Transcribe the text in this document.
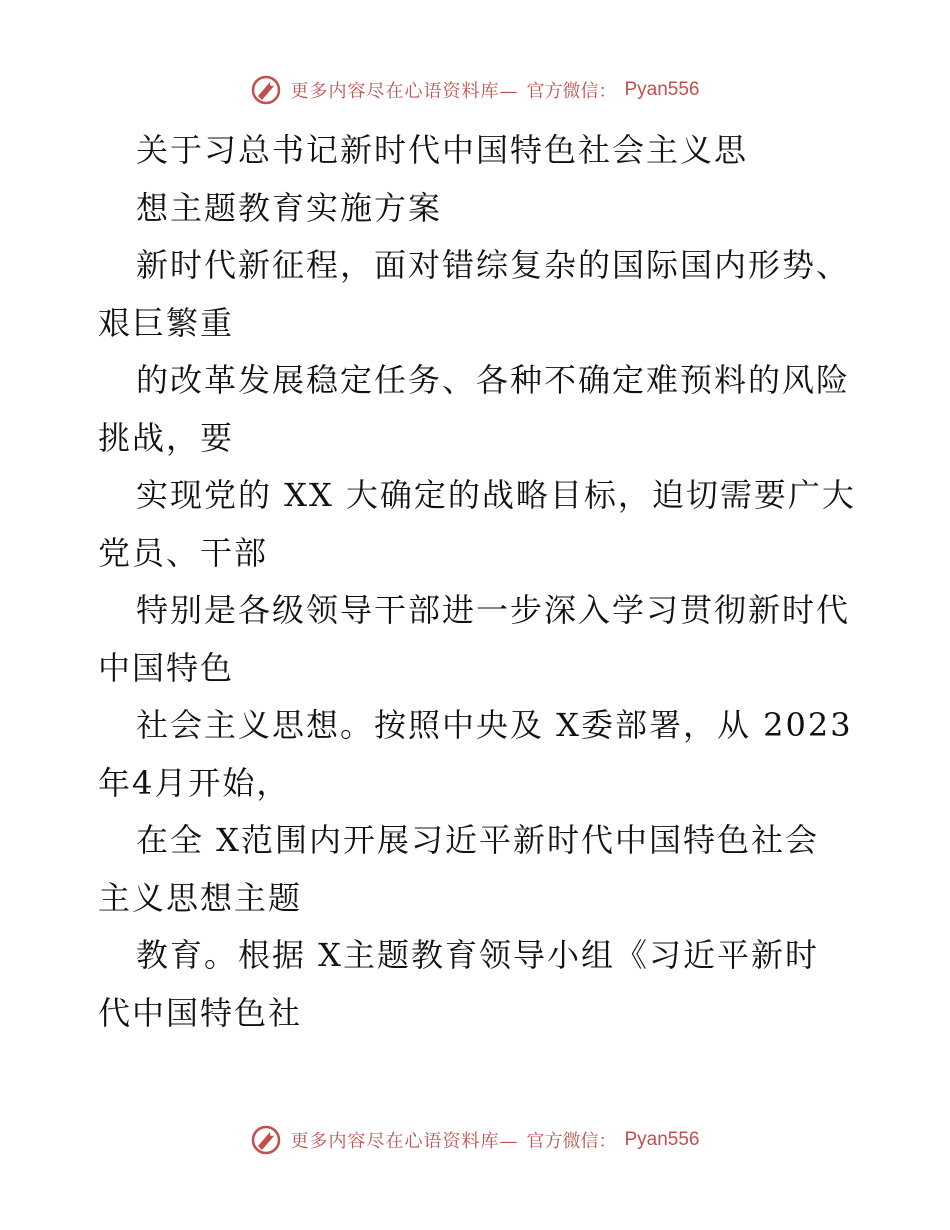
更多内容尽在心语资料库— 官方微信： Pyan556
关于习总书记新时代中国特色社会主义思
想主题教育实施方案
新时代新征程，面对错综复杂的国际国内形势、
艰巨繁重
的改革发展稳定任务、各种不确定难预料的风险
挑战，要
实现党的 XX 大确定的战略目标，迫切需要广大
党员、干部
特别是各级领导干部进一步深入学习贯彻新时代
中国特色
社会主义思想。按照中央及 X委部署，从 2023
年4月开始，
在全 X范围内开展习近平新时代中国特色社会
主义思想主题
教育。根据 X主题教育领导小组《习近平新时
代中国特色社
更多内容尽在心语资料库— 官方微信： Pyan556
